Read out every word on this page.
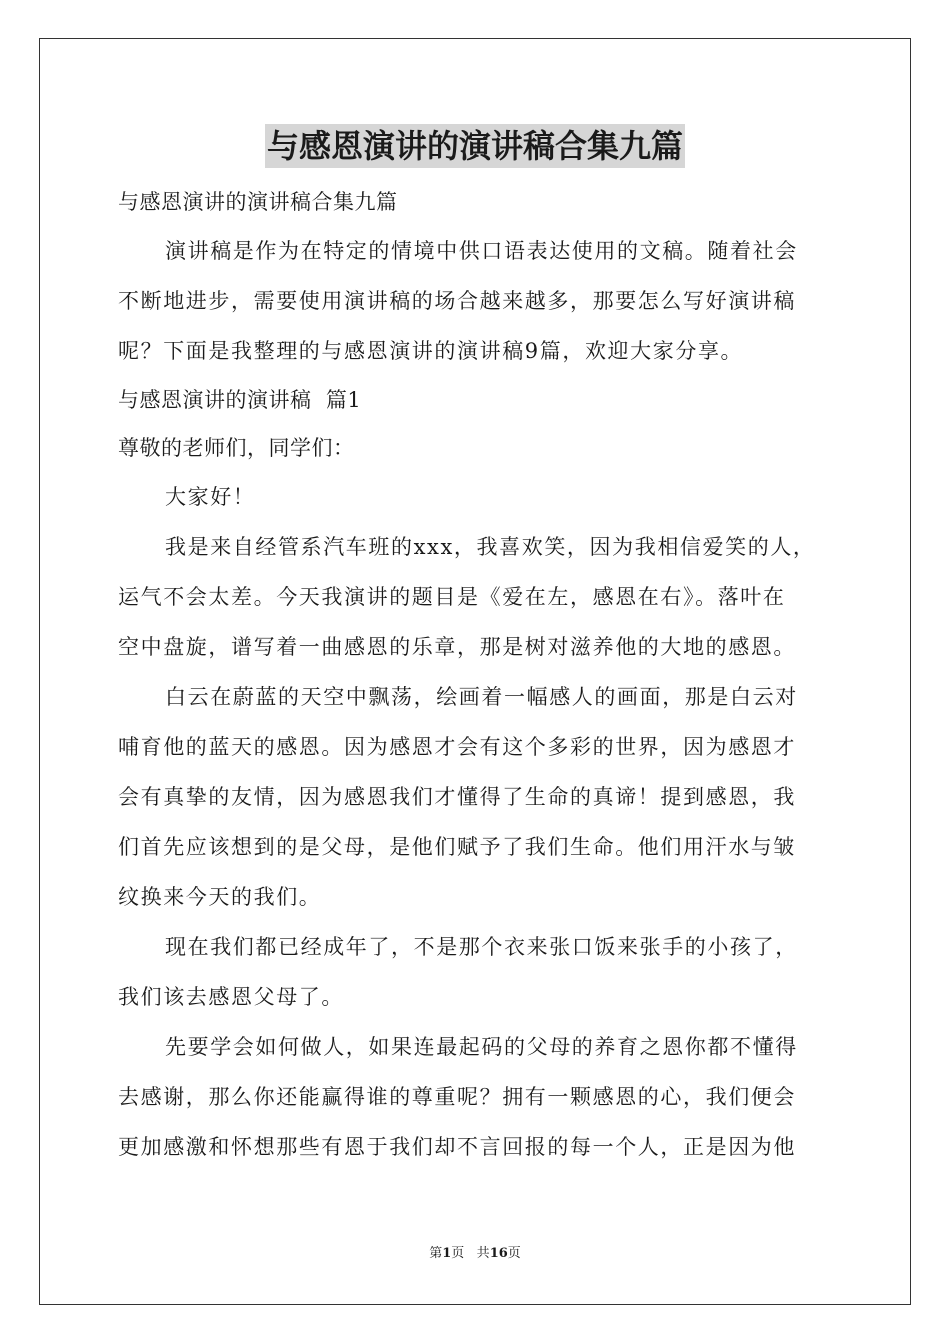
与感恩演讲的演讲稿合集九篇
与感恩演讲的演讲稿合集九篇
演讲稿是作为在特定的情境中供口语表达使用的文稿。随着社会
不断地进步，需要使用演讲稿的场合越来越多，那要怎么写好演讲稿
呢？下面是我整理的与感恩演讲的演讲稿9篇，欢迎大家分享。
与感恩演讲的演讲稿  篇1
尊敬的老师们，同学们：
大家好！
我是来自经管系汽车班的xxx，我喜欢笑，因为我相信爱笑的人，
运气不会太差。今天我演讲的题目是《爱在左，感恩在右》。落叶在
空中盘旋，谱写着一曲感恩的乐章，那是树对滋养他的大地的感恩。
白云在蔚蓝的天空中飘荡，绘画着一幅感人的画面，那是白云对
哺育他的蓝天的感恩。因为感恩才会有这个多彩的世界，因为感恩才
会有真挚的友情，因为感恩我们才懂得了生命的真谛！提到感恩，我
们首先应该想到的是父母，是他们赋予了我们生命。他们用汗水与皱
纹换来今天的我们。
现在我们都已经成年了，不是那个衣来张口饭来张手的小孩了，
我们该去感恩父母了。
先要学会如何做人，如果连最起码的父母的养育之恩你都不懂得
去感谢，那么你还能赢得谁的尊重呢？拥有一颗感恩的心，我们便会
更加感激和怀想那些有恩于我们却不言回报的每一个人，正是因为他
第1页 共16页
